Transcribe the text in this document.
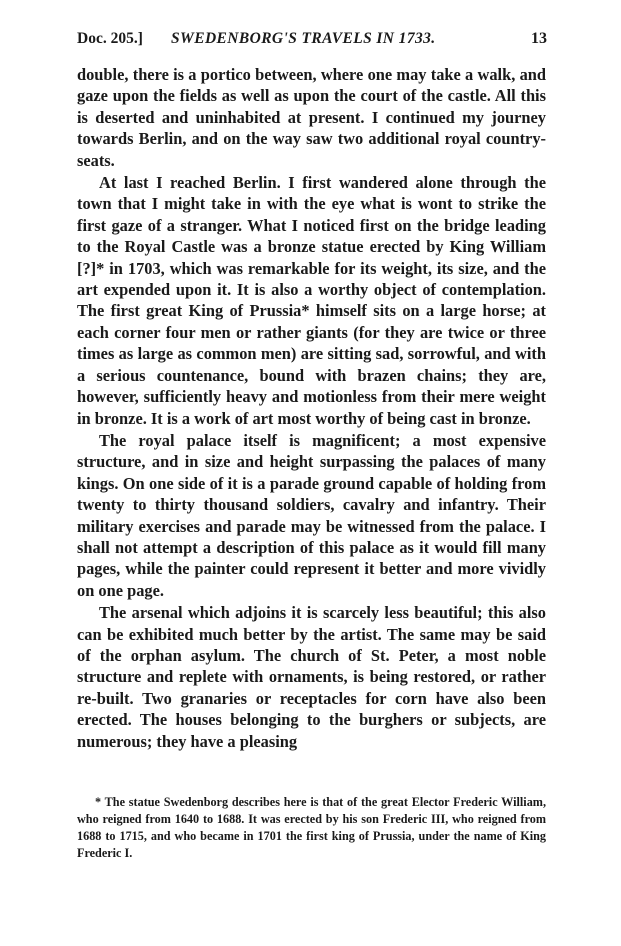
Doc. 205.] SWEDENBORG'S TRAVELS IN 1733.	13

double, there is a portico between, where one may take a walk, and gaze upon the fields as well as upon the court of the castle. All this is deserted and uninhabited at present. I continued my journey towards Berlin, and on the way saw two additional royal country-seats.

At last I reached Berlin. I first wandered alone through the town that I might take in with the eye what is wont to strike the first gaze of a stranger. What I noticed first on the bridge leading to the Royal Castle was a bronze statue erected by King William [?]* in 1703, which was remarkable for its weight, its size, and the art expended upon it. It is also a worthy object of contemplation. The first great King of Prussia* himself sits on a large horse; at each corner four men or rather giants (for they are twice or three times as large as common men) are sitting sad, sorrowful, and with a serious countenance, bound with brazen chains; they are, however, sufficiently heavy and motionless from their mere weight in bronze. It is a work of art most worthy of being cast in bronze.

The royal palace itself is magnificent; a most expensive structure, and in size and height surpassing the palaces of many kings. On one side of it is a parade ground capable of holding from twenty to thirty thousand soldiers, cavalry and infantry. Their military exercises and parade may be witnessed from the palace. I shall not attempt a description of this palace as it would fill many pages, while the painter could represent it better and more vividly on one page.

The arsenal which adjoins it is scarcely less beautiful; this also can be exhibited much better by the artist. The same may be said of the orphan asylum. The church of St. Peter, a most noble structure and replete with ornaments, is being restored, or rather re-built. Two granaries or receptacles for corn have also been erected. The houses belonging to the burghers or subjects, are numerous; they have a pleasing

* The statue Swedenborg describes here is that of the great Elector Frederic William, who reigned from 1640 to 1688. It was erected by his son Frederic III, who reigned from 1688 to 1715, and who became in 1701 the first king of Prussia, under the name of King Frederic I.
